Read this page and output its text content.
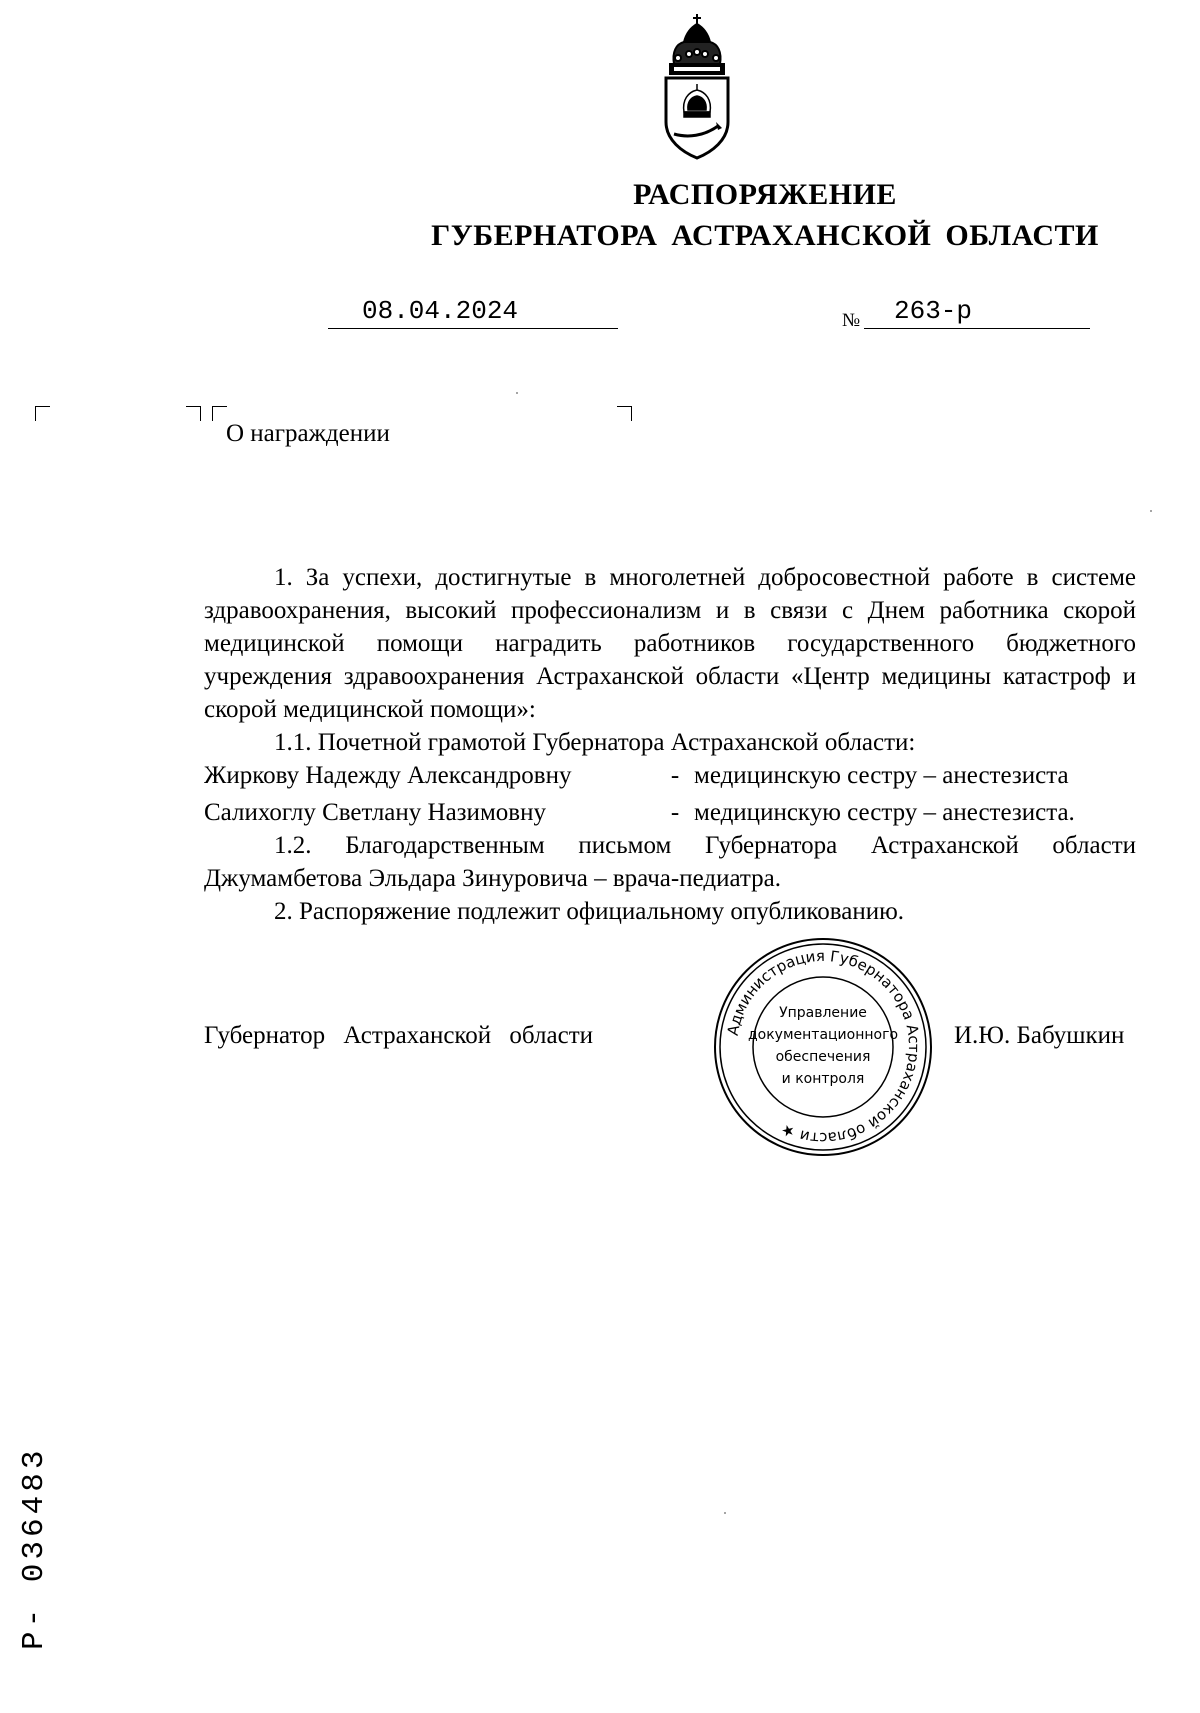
РАСПОРЯЖЕНИЕ
ГУБЕРНАТОРА АСТРАХАНСКОЙ ОБЛАСТИ
08.04.2024	№ 263-р
О награждении

1. За успехи, достигнутые в многолетней добросовестной работе в системе здравоохранения, высокий профессионализм и в связи с Днем работника скорой медицинской помощи наградить работников государственного бюджетного учреждения здравоохранения Астраханской области «Центр медицины катастроф и скорой медицинской помощи»:

1.1. Почетной грамотой Губернатора Астраханской области:

Жиркову Надежду Александровну	- медицинскую сестру – анестезиста
Салихоглу Светлану Назимовну	- медицинскую сестру – анестезиста.

1.2. Благодарственным письмом Губернатора Астраханской области

Джумамбетова Эльдара Зинуровича – врача-педиатра.

2. Распоряжение подлежит официальному опубликованию.

Администрация Губернатора Астраханской области ★
Управление
документационного
обеспечения
и контроля
Губернатор Астраханской области	И.Ю. Бабушкин
Р- 036483
